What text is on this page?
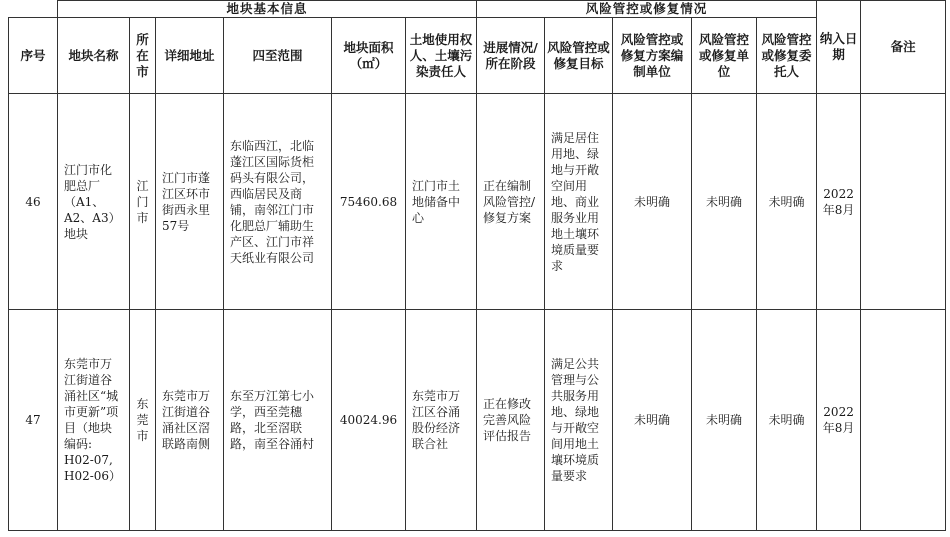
	地块基本信息						风险管控或修复情况					纳入日期	备注
序号	地块名称	所在市	详细地址	四至范围	地块面积（㎡）	土地使用权人、土壤污染责任人	进展情况/所在阶段	风险管控或修复目标	风险管控或修复方案编制单位	风险管控或修复单位	风险管控或修复委托人		
46	江门市化肥总厂（A1、A2、A3）地块	江门市	江门市蓬江区环市街西永里57号	东临西江，北临蓬江区国际货柜码头有限公司，西临居民及商铺，南邻江门市化肥总厂辅助生产区、江门市祥天纸业有限公司	75460.68	江门市土地储备中心	正在编制风险管控/修复方案	满足居住用地、绿地与开敞空间用地、商业服务业用地土壤环境质量要求	未明确	未明确	未明确	2022年8月	
47	东莞市万江街道谷涌社区“城市更新”项目（地块编码: H02-07, H02-06）	东莞市	东莞市万江街道谷涌社区滘联路南侧	东至万江第七小学，西至莞穗路，北至滘联路，南至谷涌村	40024.96	东莞市万江区谷涌股份经济联合社	正在修改完善风险评估报告	满足公共管理与公共服务用地、绿地与开敞空间用地土壤环境质量要求	未明确	未明确	未明确	2022年8月	
